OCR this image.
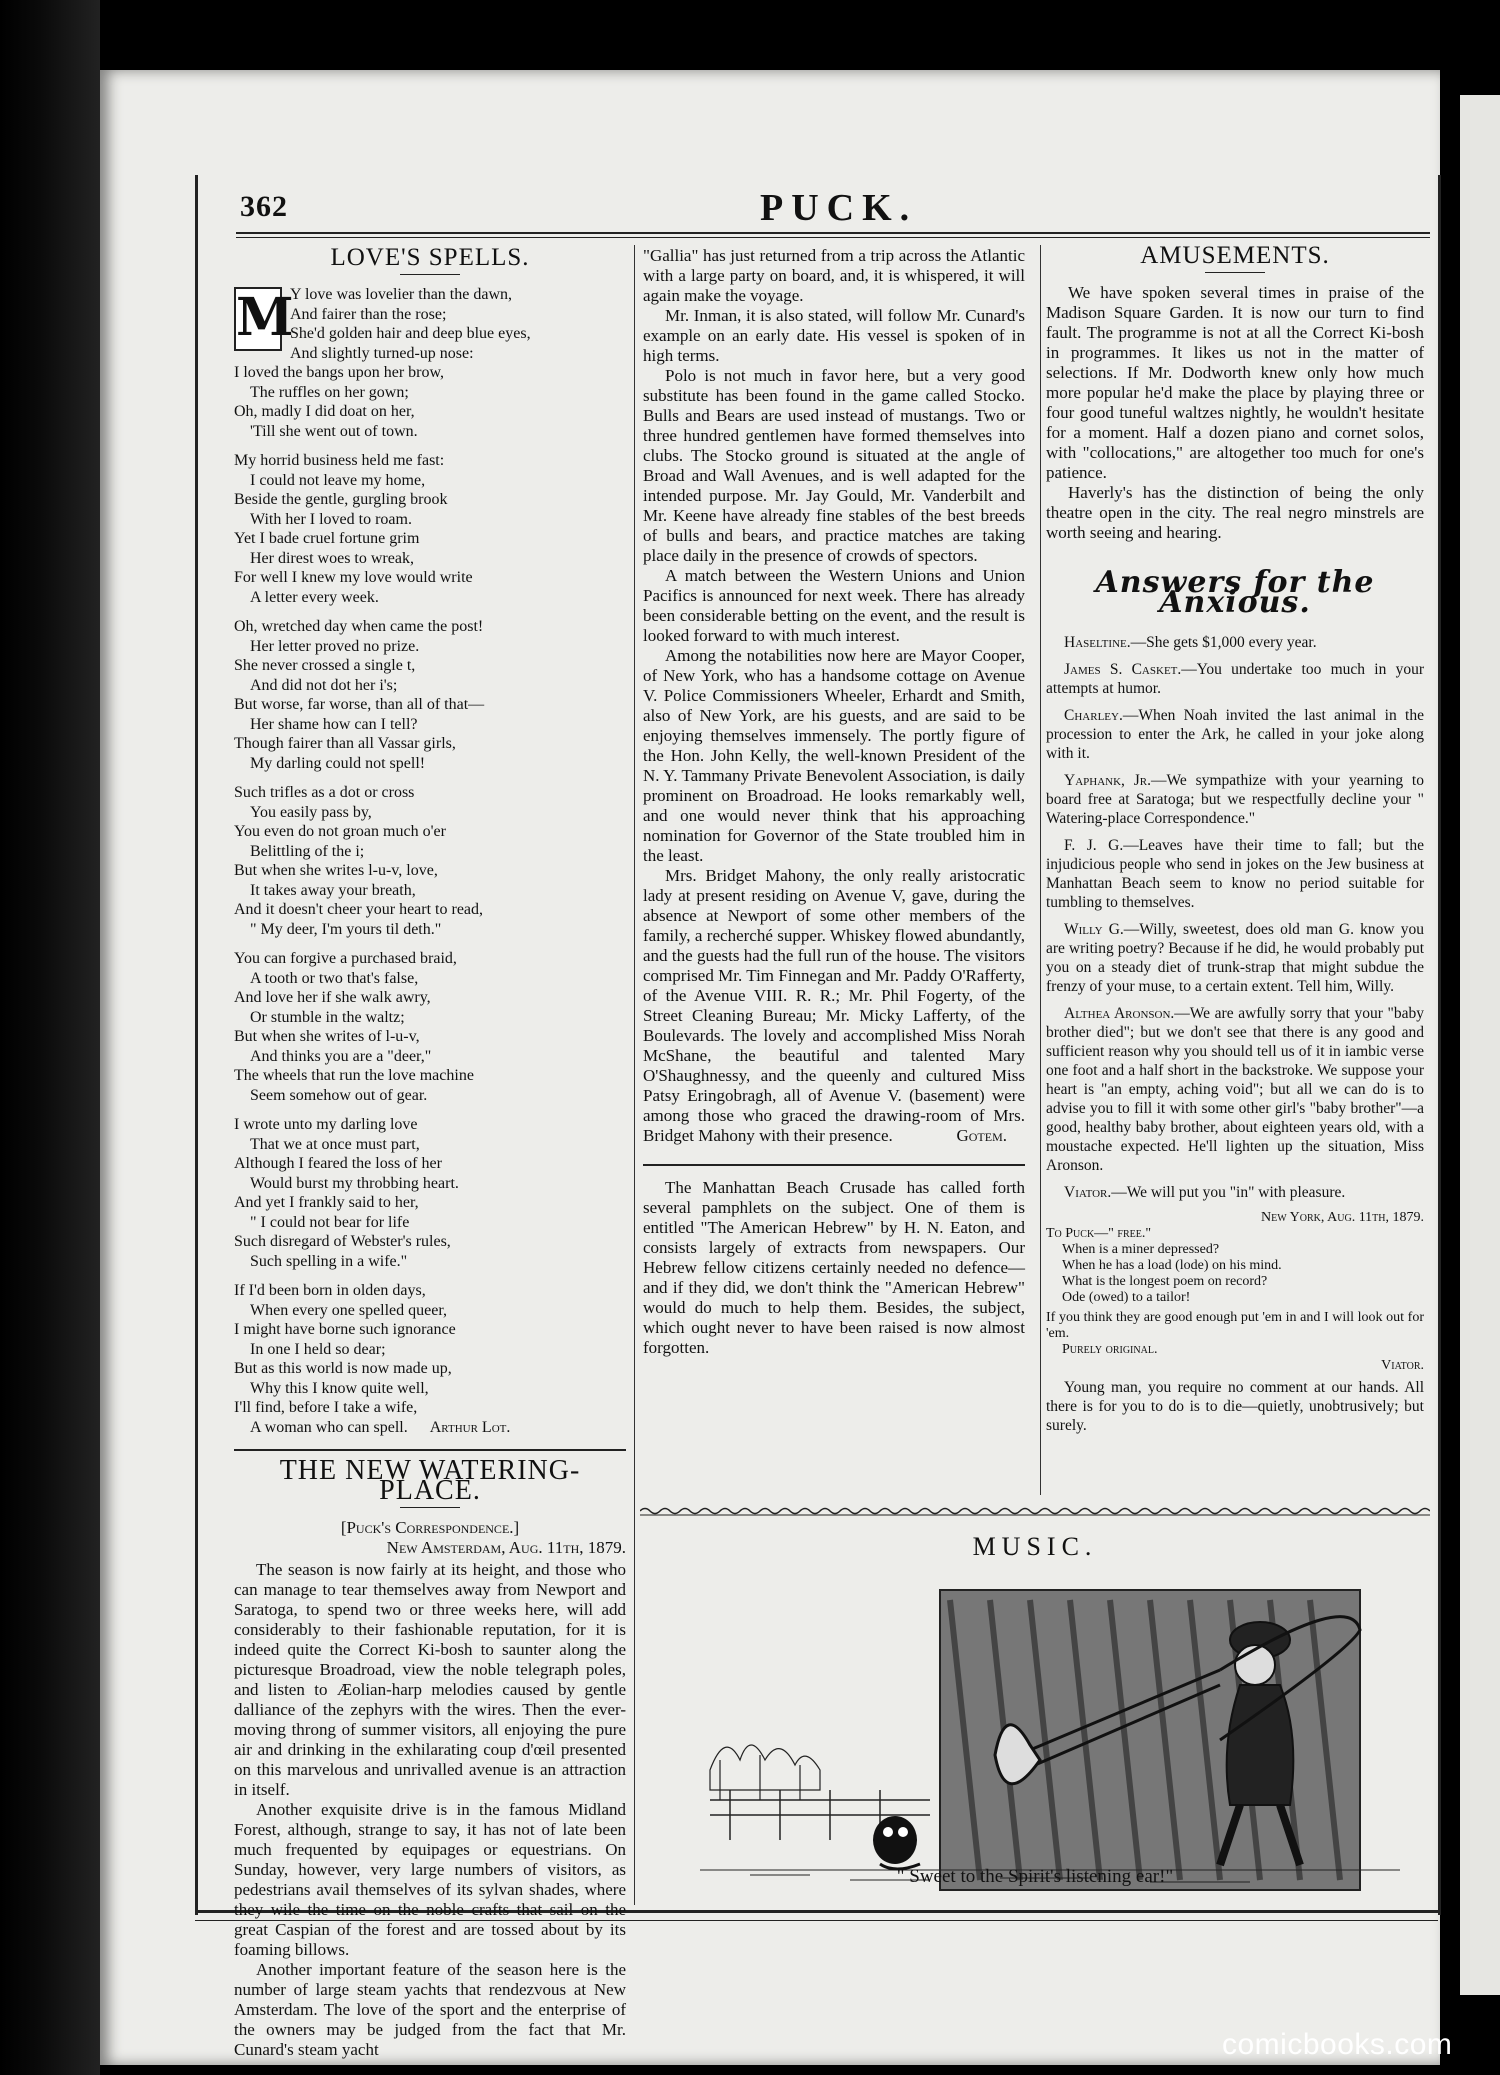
362	PUCK.
LOVE'S SPELLS.
M
Y love was lovelier than the dawn,
And fairer than the rose;
She'd golden hair and deep blue eyes,
And slightly turned-up nose:
I loved the bangs upon her brow,
The ruffles on her gown;
Oh, madly I did doat on her,
'Till she went out of town.
My horrid business held me fast:
I could not leave my home,
Beside the gentle, gurgling brook
With her I loved to roam.
Yet I bade cruel fortune grim
Her direst woes to wreak,
For well I knew my love would write
A letter every week.
Oh, wretched day when came the post!
Her letter proved no prize.
She never crossed a single t,
And did not dot her i's;
But worse, far worse, than all of that—
Her shame how can I tell?
Though fairer than all Vassar girls,
My darling could not spell!
Such trifles as a dot or cross
You easily pass by,
You even do not groan much o'er
Belittling of the i;
But when she writes l-u-v, love,
It takes away your breath,
And it doesn't cheer your heart to read,
" My deer, I'm yours til deth."
You can forgive a purchased braid,
A tooth or two that's false,
And love her if she walk awry,
Or stumble in the waltz;
But when she writes of l-u-v,
And thinks you are a "deer,"
The wheels that run the love machine
Seem somehow out of gear.
I wrote unto my darling love
That we at once must part,
Although I feared the loss of her
Would burst my throbbing heart.
And yet I frankly said to her,
" I could not bear for life
Such disregard of Webster's rules,
Such spelling in a wife."
If I'd been born in olden days,
When every one spelled queer,
I might have borne such ignorance
In one I held so dear;
But as this world is now made up,
Why this I know quite well,
I'll find, before I take a wife,
A woman who can spell. Arthur Lot.
THE NEW WATERING-PLACE.
[Puck's Correspondence.]
New Amsterdam, Aug. 11th, 1879.

The season is now fairly at its height, and those who can manage to tear themselves away from Newport and Saratoga, to spend two or three weeks here, will add considerably to their fashionable reputation, for it is indeed quite the Correct Ki-bosh to saunter along the picturesque Broadroad, view the noble telegraph poles, and listen to Æolian-harp melodies caused by gentle dalliance of the zephyrs with the wires. Then the ever-moving throng of summer visitors, all enjoying the pure air and drinking in the exhilarating coup d'œil presented on this marvelous and unrivalled avenue is an attraction in itself.

Another exquisite drive is in the famous Midland Forest, although, strange to say, it has not of late been much frequented by equipages or equestrians. On Sunday, however, very large numbers of visitors, as pedestrians avail themselves of its sylvan shades, where they wile the time on the noble crafts that sail on the great Caspian of the forest and are tossed about by its foaming billows.

Another important feature of the season here is the number of large steam yachts that rendezvous at New Amsterdam. The love of the sport and the enterprise of the owners may be judged from the fact that Mr. Cunard's steam yacht

"Gallia" has just returned from a trip across the Atlantic with a large party on board, and, it is whispered, it will again make the voyage.

Mr. Inman, it is also stated, will follow Mr. Cunard's example on an early date. His vessel is spoken of in high terms.

Polo is not much in favor here, but a very good substitute has been found in the game called Stocko. Bulls and Bears are used instead of mustangs. Two or three hundred gentlemen have formed themselves into clubs. The Stocko ground is situated at the angle of Broad and Wall Avenues, and is well adapted for the intended purpose. Mr. Jay Gould, Mr. Vanderbilt and Mr. Keene have already fine stables of the best breeds of bulls and bears, and practice matches are taking place daily in the presence of crowds of spectors.

A match between the Western Unions and Union Pacifics is announced for next week. There has already been considerable betting on the event, and the result is looked forward to with much interest.

Among the notabilities now here are Mayor Cooper, of New York, who has a handsome cottage on Avenue V. Police Commissioners Wheeler, Erhardt and Smith, also of New York, are his guests, and are said to be enjoying themselves immensely. The portly figure of the Hon. John Kelly, the well-known President of the N. Y. Tammany Private Benevolent Association, is daily prominent on Broadroad. He looks remarkably well, and one would never think that his approaching nomination for Governor of the State troubled him in the least.

Mrs. Bridget Mahony, the only really aristocratic lady at present residing on Avenue V, gave, during the absence at Newport of some other members of the family, a recherché supper. Whiskey flowed abundantly, and the guests had the full run of the house. The visitors comprised Mr. Tim Finnegan and Mr. Paddy O'Rafferty, of the Avenue VIII. R. R.; Mr. Phil Fogerty, of the Street Cleaning Bureau; Mr. Micky Lafferty, of the Boulevards. The lovely and accomplished Miss Norah McShane, the beautiful and talented Mary O'Shaughnessy, and the queenly and cultured Miss Patsy Eringobragh, all of Avenue V. (basement) were among those who graced the drawing-room of Mrs. Bridget Mahony with their presence.	Gotem.

The Manhattan Beach Crusade has called forth several pamphlets on the subject. One of them is entitled "The American Hebrew" by H. N. Eaton, and consists largely of extracts from newspapers. Our Hebrew fellow citizens certainly needed no defence—and if they did, we don't think the "American Hebrew" would do much to help them. Besides, the subject, which ought never to have been raised is now almost forgotten.

AMUSEMENTS.

We have spoken several times in praise of the Madison Square Garden. It is now our turn to find fault. The programme is not at all the Correct Ki-bosh in programmes. It likes us not in the matter of selections. If Mr. Dodworth knew only how much more popular he'd make the place by playing three or four good tuneful waltzes nightly, he wouldn't hesitate for a moment. Half a dozen piano and cornet solos, with "collocations," are altogether too much for one's patience.

Haverly's has the distinction of being the only theatre open in the city. The real negro minstrels are worth seeing and hearing.

Answers for the Anxious.

Haseltine.—She gets $1,000 every year.

James S. Casket.—You undertake too much in your attempts at humor.

Charley.—When Noah invited the last animal in the procession to enter the Ark, he called in your joke along with it.

Yaphank, Jr.—We sympathize with your yearning to board free at Saratoga; but we respectfully decline your " Watering-place Correspondence."

F. J. G.—Leaves have their time to fall; but the injudicious people who send in jokes on the Jew business at Manhattan Beach seem to know no period suitable for tumbling to themselves.

Willy G.—Willy, sweetest, does old man G. know you are writing poetry? Because if he did, he would probably put you on a steady diet of trunk-strap that might subdue the frenzy of your muse, to a certain extent. Tell him, Willy.

Althea Aronson.—We are awfully sorry that your "baby brother died"; but we don't see that there is any good and sufficient reason why you should tell us of it in iambic verse one foot and a half short in the backstroke. We suppose your heart is "an empty, aching void"; but all we can do is to advise you to fill it with some other girl's "baby brother"—a good, healthy baby brother, about eighteen years old, with a moustache expected. He'll lighten up the situation, Miss Aronson.

Viator.—We will put you "in" with pleasure.

New York, Aug. 11th, 1879.
To Puck—" free."
When is a miner depressed?
When he has a load (lode) on his mind.
What is the longest poem on record?
Ode (owed) to a tailor!
If you think they are good enough put 'em in and I will look out for 'em.
Purely original.
Viator.

Young man, you require no comment at our hands. All there is for you to do is to die—quietly, unobtrusively; but surely.

MUSIC.
" Sweet to the Spirit's listening ear!"
comicbooks.com
